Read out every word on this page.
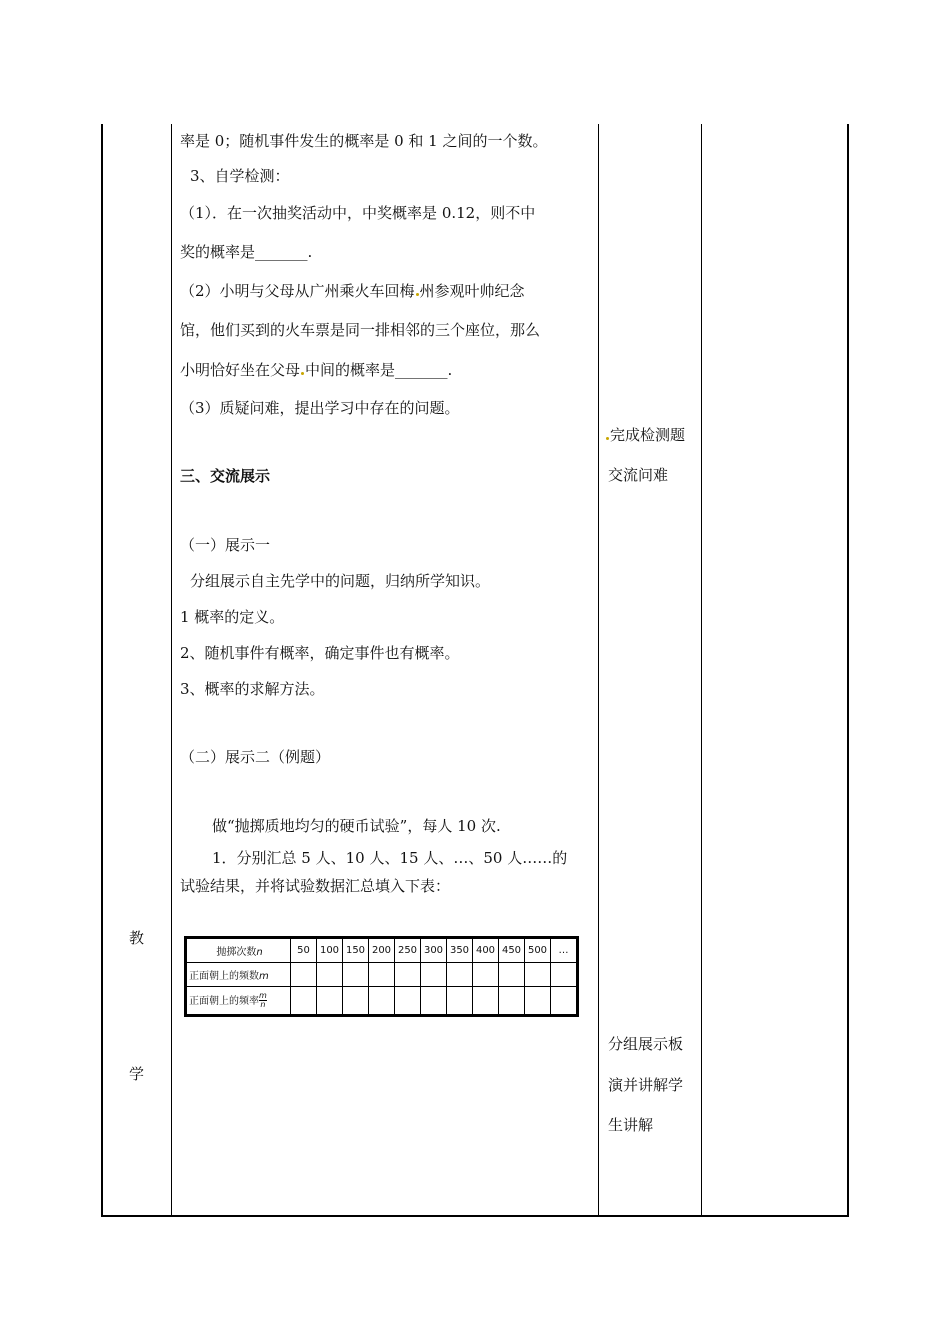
教
学
率是 0；随机事件发生的概率是 0 和 1 之间的一个数。
3、自学检测：
（1）．在一次抽奖活动中，中奖概率是 0.12，则不中
奖的概率是_______.
（2）小明与父母从广州乘火车回梅 州参观叶帅纪念
馆，他们买到的火车票是同一排相邻的三个座位，那么
小明恰好坐在父母 中间的概率是_______.
（3）质疑问难，提出学习中存在的问题。
三、交流展示
（一）展示一
分组展示自主先学中的问题，归纳所学知识。
1 概率的定义。
2、随机事件有概率，确定事件也有概率。
3、概率的求解方法。
（二）展示二（例题）
做“抛掷质地均匀的硬币试验”，每人 10 次.
1．分别汇总 5 人、10 人、15 人、…、50 人……的
试验结果，并将试验数据汇总填入下表：
抛掷次数n	50	100	150	200	250	300	350	400	450	500	…
正面朝上的频数m											
正面朝上的频率 $\frac{m}{n}$

完成检测题
交流问难
分组展示板
演并讲解学
生讲解
